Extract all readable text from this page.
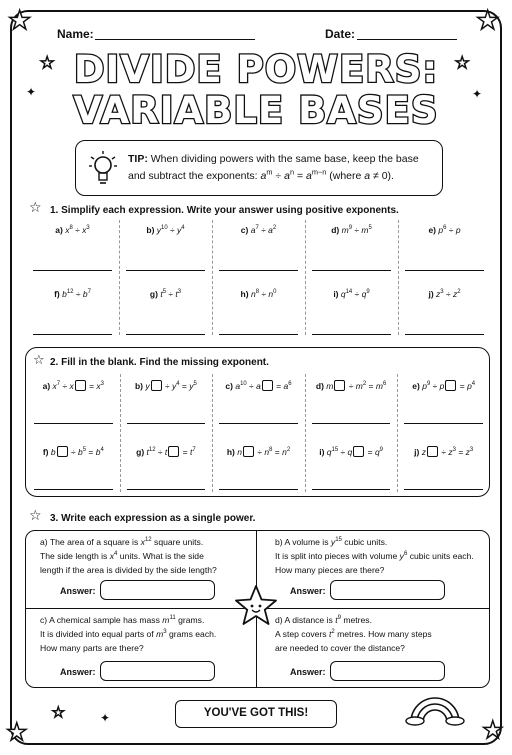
★	★
★	★
★	★
✦	✦
★	✦
Name:	Date:
DIVIDE POWERS:
VARIABLE BASES
TIP: When dividing powers with the same base, keep the base and subtract the exponents: $a^m \div a^n = a^{m-n}$ (where a ≠ 0).
☆ 1. Simplify each expression. Write your answer using positive exponents.
a) $x^8 \div x^3$	b) $y^{10} \div y^4$	c) $a^7 \div a^2$	d) $m^9 \div m^5$	e) $p^6 \div p$
f) $b^{12} \div b^7$	g) $t^5 \div t^3$	h) $n^8 \div n^0$	i) $q^{14} \div q^9$	j) $z^3 \div z^2$
☆ 2. Fill in the blank. Find the missing exponent.
a) $x^7 \div x = x^3$	b) $y \div y^4 = y^5$	c) $a^{10} \div a = a^6$	d) $m \div m^2 = m^6$	e) $p^9 \div p = p^4$
f) $b \div b^5 = b^4$	g) $t^{12} \div t = t^7$	h) $n \div n^8 = n^2$	i) $q^{15} \div q = q^9$	j) $z \div z^3 = z^3$
☆ 3. Write each expression as a single power.
a) The area of a square is $x^{12}$ square units.
The side length is $x^4$ units. What is the side
length if the area is divided by the side length?
b) A volume is $y^{15}$ cubic units.
It is split into pieces with volume $y^6$ cubic units each.
How many pieces are there?
c) A chemical sample has mass $m^{11}$ grams.
It is divided into equal parts of $m^3$ grams each.
How many parts are there?
d) A distance is $t^9$ metres.
A step covers $t^2$ metres. How many steps
are needed to cover the distance?
Answer:	Answer:
Answer:	Answer:
YOU'VE GOT THIS!
